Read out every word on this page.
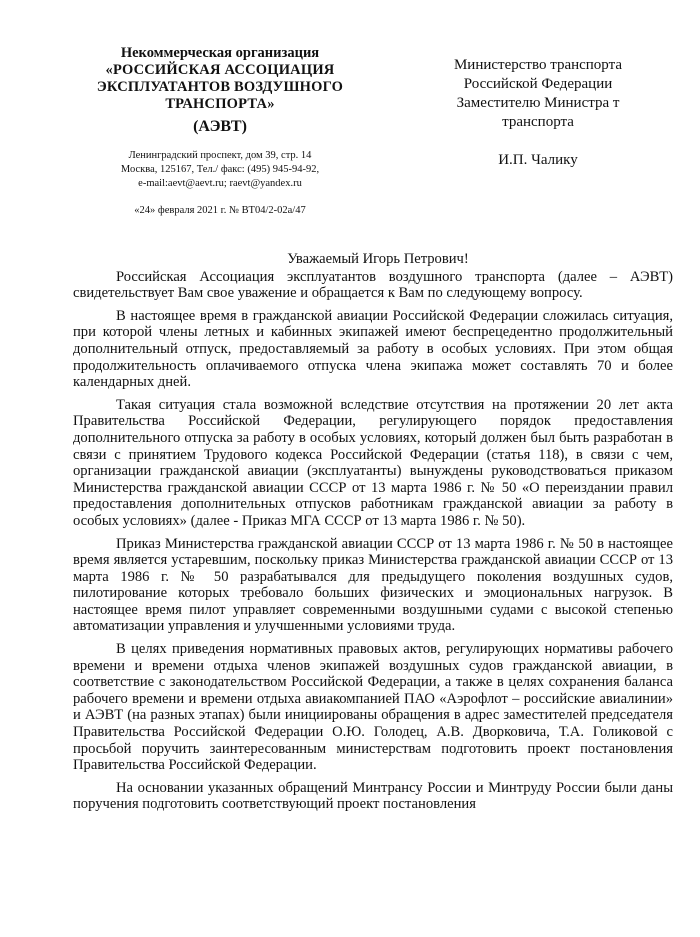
Некоммерческая организация
«РОССИЙСКАЯ АССОЦИАЦИЯ
ЭКСПЛУАТАНТОВ ВОЗДУШНОГО
ТРАНСПОРТА»
(АЭВТ)
Ленинградский проспект, дом 39, стр. 14
Москва, 125167, Тел./ факс: (495) 945-94-92,
e-mail:aevt@aevt.ru; raevt@yandex.ru
«24» февраля 2021 г. № ВТ04/2-02а/47
Министерство транспорта
Российской Федерации
Заместителю Министра т
транспорта
И.П. Чалику

Уважаемый Игорь Петрович!

Российская Ассоциация эксплуатантов воздушного транспорта (далее – АЭВТ) свидетельствует Вам свое уважение и обращается к Вам по следующему вопросу.

В настоящее время в гражданской авиации Российской Федерации сложилась ситуация, при которой члены летных и кабинных экипажей имеют беспрецедентно продолжительный дополнительный отпуск, предоставляемый за работу в особых условиях. При этом общая продолжительность оплачиваемого отпуска члена экипажа может составлять 70 и более календарных дней.

Такая ситуация стала возможной вследствие отсутствия на протяжении 20 лет акта Правительства Российской Федерации, регулирующего порядок предоставления дополнительного отпуска за работу в особых условиях, который должен был быть разработан в связи с принятием Трудового кодекса Российской Федерации (статья 118), в связи с чем, организации гражданской авиации (эксплуатанты) вынуждены руководствоваться приказом Министерства гражданской авиации СССР от 13 марта 1986 г. № 50 «О переиздании правил предоставления дополнительных отпусков работникам гражданской авиации за работу в особых условиях» (далее - Приказ МГА СССР от 13 марта 1986 г. № 50).

Приказ Министерства гражданской авиации СССР от 13 марта 1986 г. № 50 в настоящее время является устаревшим, поскольку приказ Министерства гражданской авиации СССР от 13 марта 1986 г. № 50 разрабатывался для предыдущего поколения воздушных судов, пилотирование которых требовало больших физических и эмоциональных нагрузок. В настоящее время пилот управляет современными воздушными судами с высокой степенью автоматизации управления и улучшенными условиями труда.

В целях приведения нормативных правовых актов, регулирующих нормативы рабочего времени и времени отдыха членов экипажей воздушных судов гражданской авиации, в соответствие с законодательством Российской Федерации, а также в целях сохранения баланса рабочего времени и времени отдыха авиакомпанией ПАО «Аэрофлот – российские авиалинии» и АЭВТ (на разных этапах) были инициированы обращения в адрес заместителей председателя Правительства Российской Федерации О.Ю. Голодец, А.В. Дворковича, Т.А. Голиковой с просьбой поручить заинтересованным министерствам подготовить проект постановления Правительства Российской Федерации.

На основании указанных обращений Минтрансу России и Минтруду России были даны поручения подготовить соответствующий проект постановления
